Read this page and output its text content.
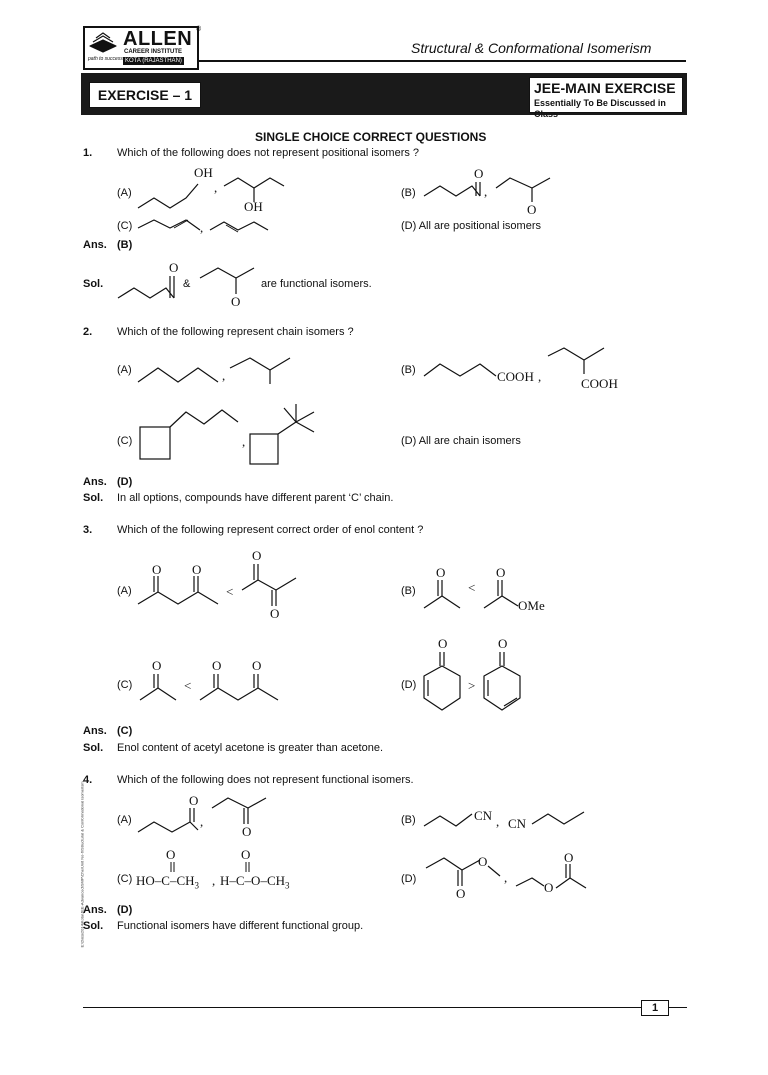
ALLEN
CAREER INSTITUTE
KOTA (RAJASTHAN)
path to success
®
Structural & Conformational Isomerism
EXERCISE – 1	JEE-MAIN EXERCISE
Essentially To Be Discussed in Class
SINGLE CHOICE CORRECT QUESTIONS
1. Which of the following does not represent positional isomers ?
(A)
OH
,
OH
(B)
O
,
O
(C)	,	(D) All are positional isomers
Ans. (B)
Sol.
O
O
&	are functional isomers.
2. Which of the following represent chain isomers ?
(A)	,	(B)	COOH ,	COOH
(C)	,	(D) All are chain isomers
Ans. (D)
Sol. In all options, compounds have different parent ‘C’ chain.
3. Which of the following represent correct order of enol content ?
(A)
O O
<
O
O
(B)
O
<
O
OMe
(C)
O
<
O O
(D)
O
>
O
Ans. (C)
Sol. Enol content of acetyl acetone is greater than acetone.
4. Which of the following does not represent functional isomers.
(A)
O
,
O
(B)	CN , CN
(C)
O	O
$HO-C-CH_3$ , $H-C-O-CH_3$
(D)
O
O
,
O
O
Ans. (D)
Sol. Functional isomers have different functional group.
E:\Data\2014\Kota\JEE-Advanced\SMP\Che\Unit No-6\Structural & Conformational isomerism
1
